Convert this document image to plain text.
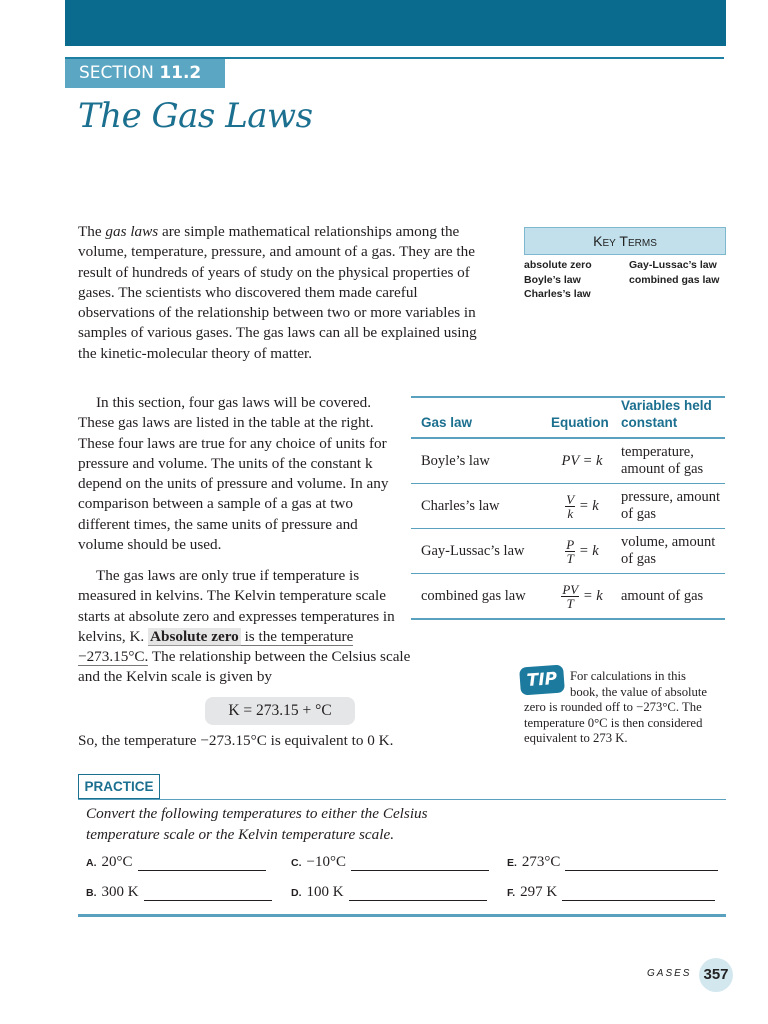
SECTION 11.2
The Gas Laws

The gas laws are simple mathematical relationships among the volume, temperature, pressure, and amount of a gas. They are the result of hundreds of years of study on the physical properties of gases. The scientists who discovered them made careful observations of the relationship between two or more variables in samples of various gases. The gas laws can all be explained using the kinetic-molecular theory of matter.

In this section, four gas laws will be covered. These gas laws are listed in the table at the right. These four laws are true for any choice of units for pressure and volume. The units of the constant k depend on the units of pressure and volume. In any comparison between a sample of a gas at two different times, the same units of pressure and volume should be used.

The gas laws are only true if temperature is measured in kelvins. The Kelvin temperature scale starts at absolute zero and expresses temperatures in kelvins, K. Absolute zero is the temperature −273.15°C. The relationship between the Celsius scale and the Kelvin scale is given by

K = 273.15 + °C

So, the temperature −273.15°C is equivalent to 0 K.

Key Terms
absolute zero
Boyle’s law
Charles’s law
Gay-Lussac’s law
combined gas law
Gas law	Equation	Variables held constant
Boyle’s law	PV = k	temperature, amount of gas
Charles’s law	$\frac{V}{k} = k$	pressure, amount of gas
Gay-Lussac’s law	$\frac{P}{T} = k$	volume, amount of gas
combined gas law	$\frac{PV}{T} = k$	amount of gas
TIP For calculations in this
book, the value of absolute
zero is rounded off to −273°C. The temperature 0°C is then considered equivalent to 273 K.
PRACTICE

Convert the following temperatures to either the Celsius temperature scale or the Kelvin temperature scale.

A. 20°C
B. 300 K
C. −10°C
D. 100 K
E. 273°C
F. 297 K
GASES 357
